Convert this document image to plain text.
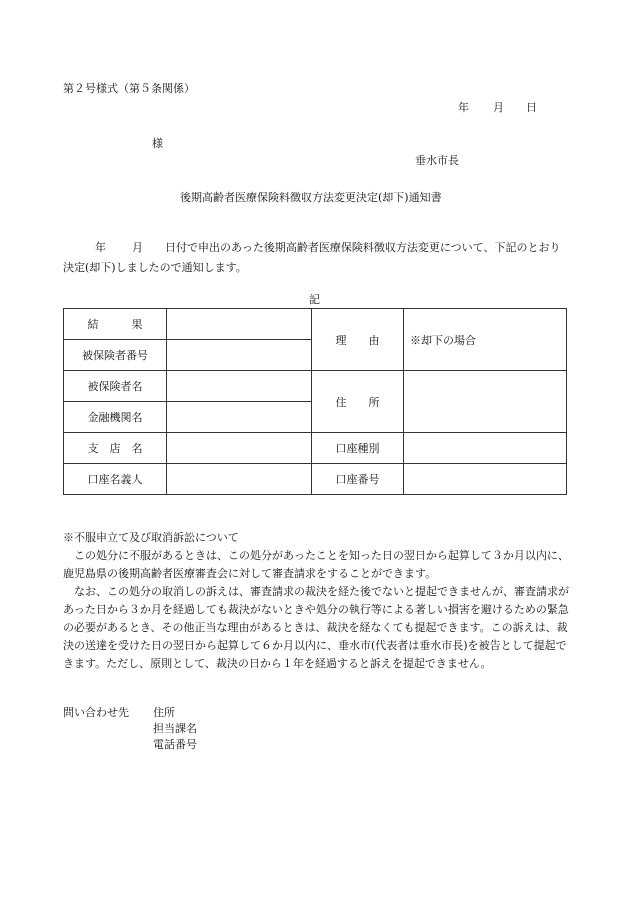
第２号様式（第５条関係）
年 月 日
様
垂水市長
後期高齢者医療保険料徴収方法変更決定(却下)通知書
年 月 日付で申出のあった後期高齢者医療保険料徴収方法変更について、下記のとおり決定(却下)しましたので通知します。
記
結　　　果		理　　由	※却下の場合
被保険者番号			
被保険者名		住　　所	
金融機関名			
支　店　名		口座種別	
口座名義人		口座番号	

※不服申立て及び取消訴訟について

この処分に不服があるときは、この処分があったことを知った日の翌日から起算して３か月以内に、鹿児島県の後期高齢者医療審査会に対して審査請求をすることができます。

なお、この処分の取消しの訴えは、審査請求の裁決を経た後でないと提起できませんが、審査請求があった日から３か月を経過しても裁決がないときや処分の執行等による著しい損害を避けるための緊急の必要があるとき、その他正当な理由があるときは、裁決を経なくても提起できます。この訴えは、裁決の送達を受けた日の翌日から起算して６か月以内に、垂水市(代表者は垂水市長)を被告として提起できます。ただし、原則として、裁決の日から１年を経過すると訴えを提起できません。

問い合わせ先 住所
担当課名
電話番号
